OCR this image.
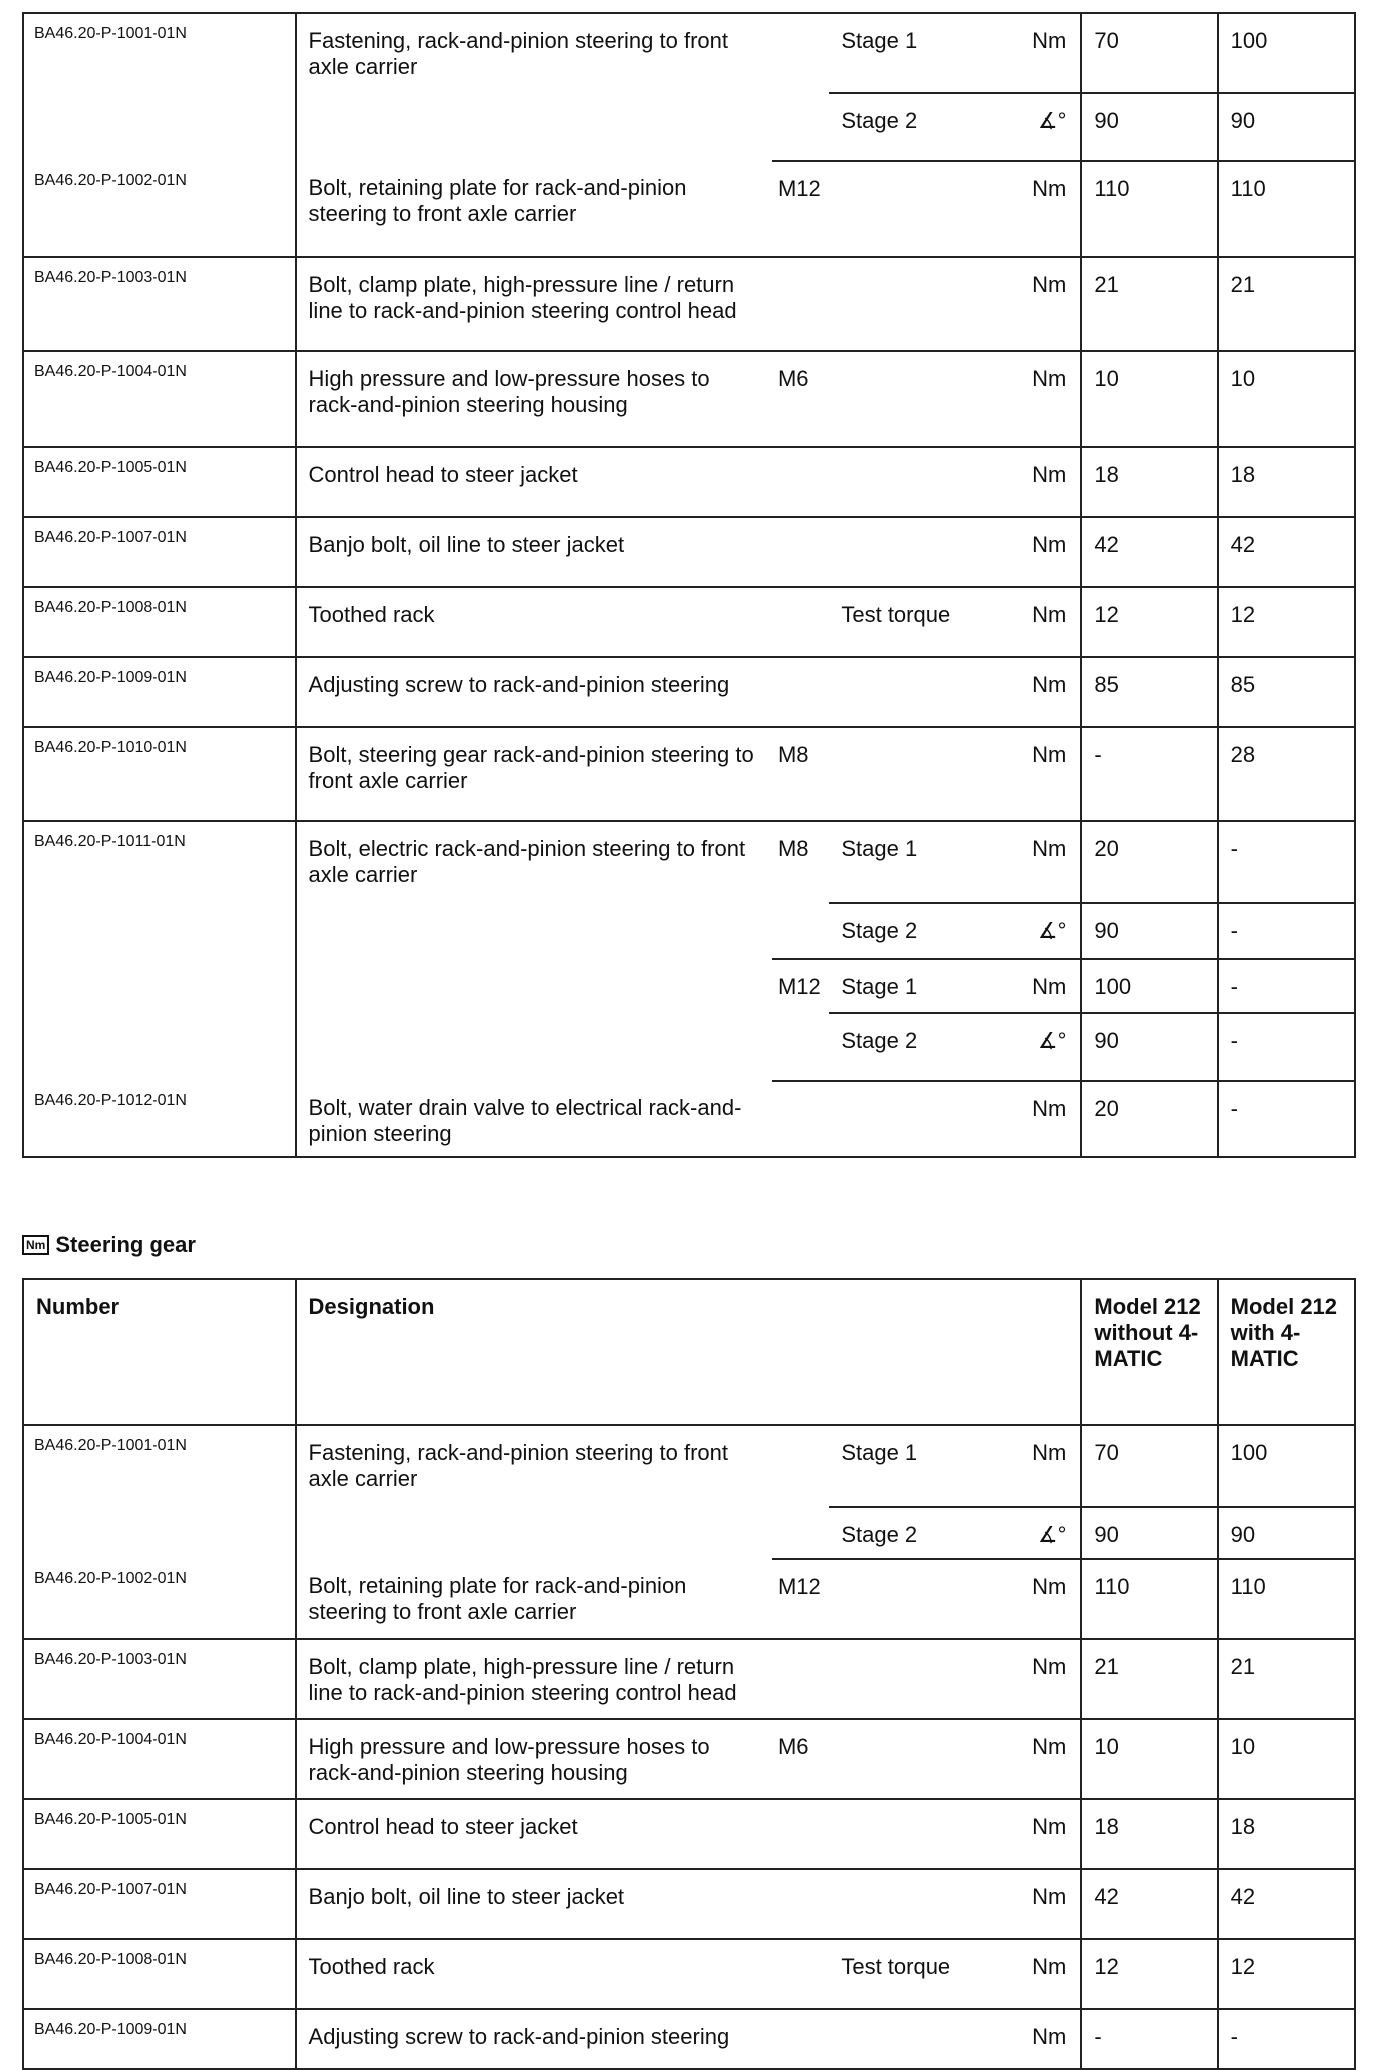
BA46.20-P-1001-01N	Fastening, rack-and-pinion steering to front axle carrier		Stage 1	Nm	70	100

			Stage 2	∡°	90	90

BA46.20-P-1002-01N	Bolt, retaining plate for rack-and-pinion steering to front axle carrier	M12		Nm	110	110

BA46.20-P-1003-01N	Bolt, clamp plate, high-pressure line / return line to rack-and-pinion steering control head			Nm	21	21

BA46.20-P-1004-01N	High pressure and low-pressure hoses to rack-and-pinion steering housing	M6		Nm	10	10

BA46.20-P-1005-01N	Control head to steer jacket			Nm	18	18

BA46.20-P-1007-01N	Banjo bolt, oil line to steer jacket			Nm	42	42

BA46.20-P-1008-01N	Toothed rack		Test torque	Nm	12	12

BA46.20-P-1009-01N	Adjusting screw to rack-and-pinion steering			Nm	85	85

BA46.20-P-1010-01N	Bolt, steering gear rack-and-pinion steering to front axle carrier	M8		Nm	-	28

BA46.20-P-1011-01N	Bolt, electric rack-and-pinion steering to front axle carrier	M8	Stage 1	Nm	20	-

			Stage 2	∡°	90	-

		M12	Stage 1	Nm	100	-

			Stage 2	∡°	90	-

BA46.20-P-1012-01N	Bolt, water drain valve to electrical rack-and-pinion steering			Nm	20	-
Nm Steering gear
Number	Designation				Model 212 without 4-MATIC	Model 212 with 4-MATIC

BA46.20-P-1001-01N	Fastening, rack-and-pinion steering to front axle carrier		Stage 1	Nm	70	100

			Stage 2	∡°	90	90

BA46.20-P-1002-01N	Bolt, retaining plate for rack-and-pinion steering to front axle carrier	M12		Nm	110	110

BA46.20-P-1003-01N	Bolt, clamp plate, high-pressure line / return line to rack-and-pinion steering control head			Nm	21	21

BA46.20-P-1004-01N	High pressure and low-pressure hoses to rack-and-pinion steering housing	M6		Nm	10	10

BA46.20-P-1005-01N	Control head to steer jacket			Nm	18	18

BA46.20-P-1007-01N	Banjo bolt, oil line to steer jacket			Nm	42	42

BA46.20-P-1008-01N	Toothed rack		Test torque	Nm	12	12

BA46.20-P-1009-01N	Adjusting screw to rack-and-pinion steering			Nm	-	-
